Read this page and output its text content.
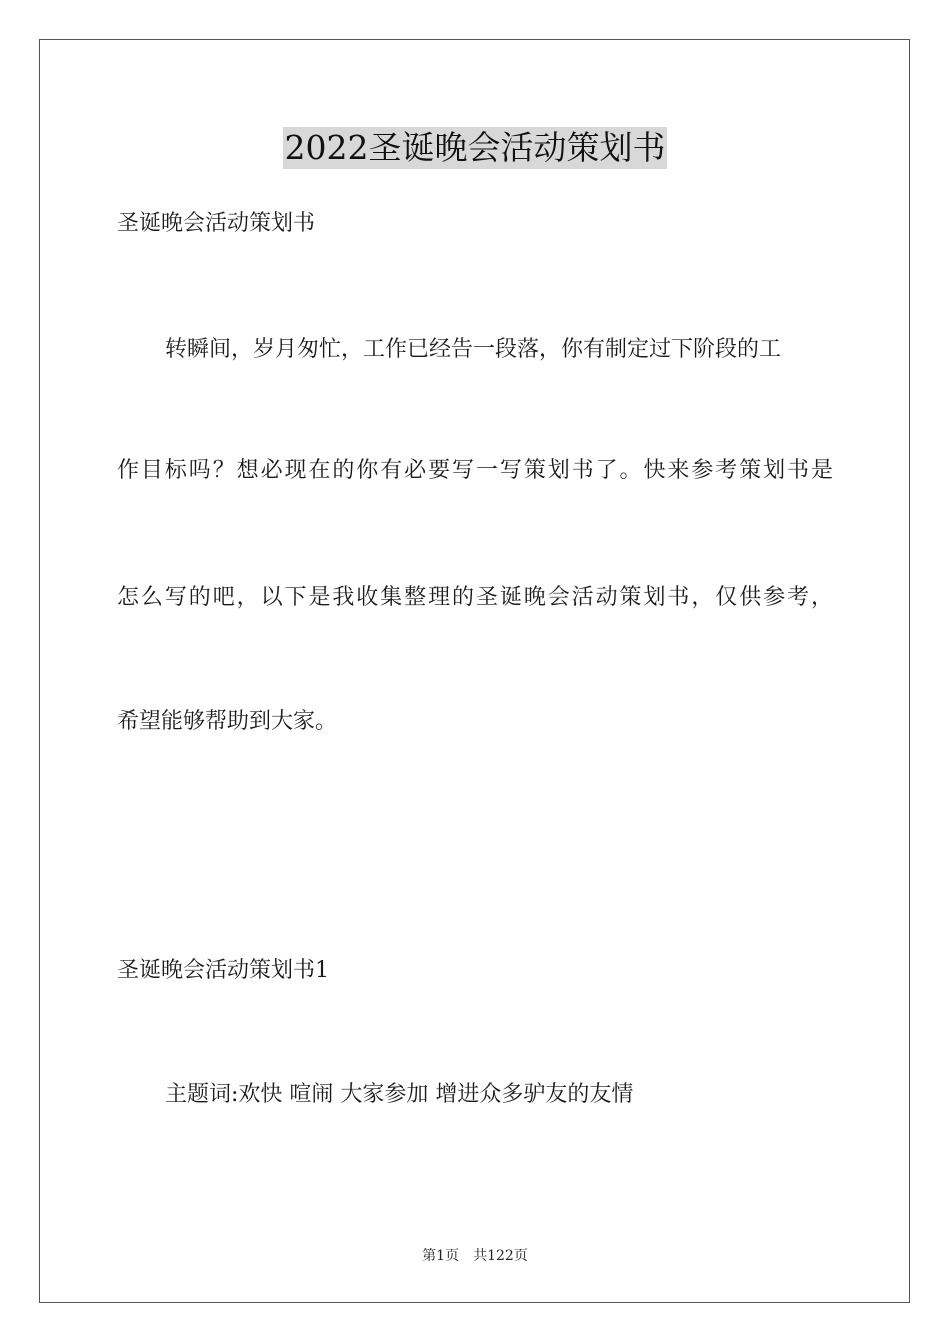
2022圣诞晚会活动策划书
圣诞晚会活动策划书
转瞬间，岁月匆忙，工作已经告一段落，你有制定过下阶段的工
作目标吗？想必现在的你有必要写一写策划书了。快来参考策划书是
怎么写的吧，以下是我收集整理的圣诞晚会活动策划书，仅供参考，
希望能够帮助到大家。
圣诞晚会活动策划书1
主题词:欢快 喧闹 大家参加 增进众多驴友的友情
第1页 共122页
